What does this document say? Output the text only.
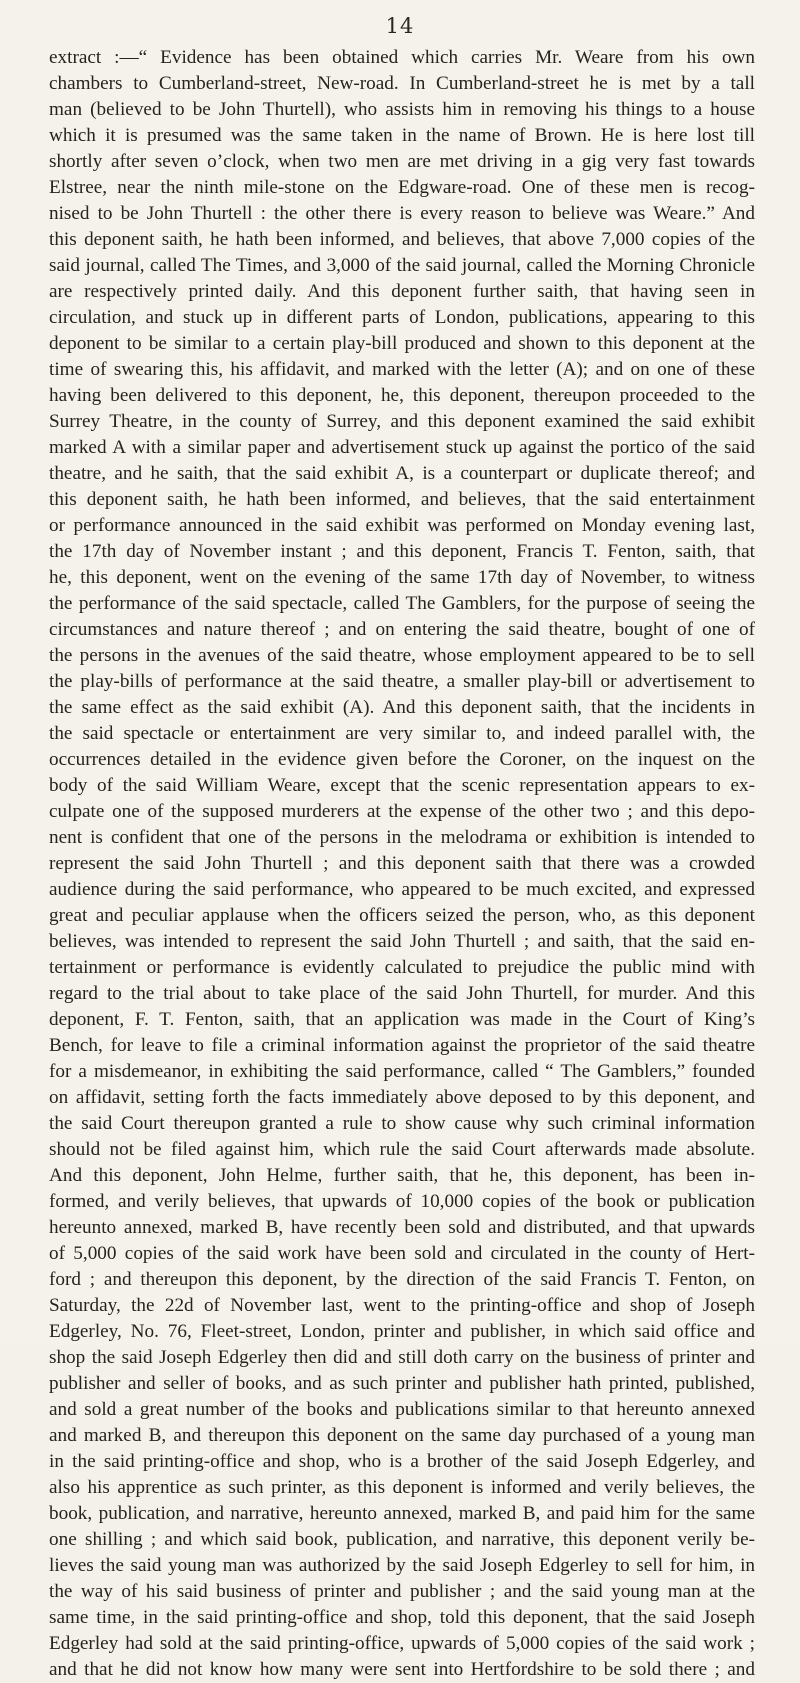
14
extract :—“ Evidence has been obtained which carries Mr. Weare from his own
chambers to Cumberland-street, New-road. In Cumberland-street he is met by a tall
man (believed to be John Thurtell), who assists him in removing his things to a house
which it is presumed was the same taken in the name of Brown. He is here lost till
shortly after seven o’clock, when two men are met driving in a gig very fast towards
Elstree, near the ninth mile-stone on the Edgware-road. One of these men is recog-
nised to be John Thurtell : the other there is every reason to believe was Weare.” And
this deponent saith, he hath been informed, and believes, that above 7,000 copies of the
said journal, called The Times, and 3,000 of the said journal, called the Morning Chronicle
are respectively printed daily. And this deponent further saith, that having seen in
circulation, and stuck up in different parts of London, publications, appearing to this
deponent to be similar to a certain play-bill produced and shown to this deponent at the
time of swearing this, his affidavit, and marked with the letter (A); and on one of these
having been delivered to this deponent, he, this deponent, thereupon proceeded to the
Surrey Theatre, in the county of Surrey, and this deponent examined the said exhibit
marked A with a similar paper and advertisement stuck up against the portico of the said
theatre, and he saith, that the said exhibit A, is a counterpart or duplicate thereof; and
this deponent saith, he hath been informed, and believes, that the said entertainment
or performance announced in the said exhibit was performed on Monday evening last,
the 17th day of November instant ; and this deponent, Francis T. Fenton, saith, that
he, this deponent, went on the evening of the same 17th day of November, to witness
the performance of the said spectacle, called The Gamblers, for the purpose of seeing the
circumstances and nature thereof ; and on entering the said theatre, bought of one of
the persons in the avenues of the said theatre, whose employment appeared to be to sell
the play-bills of performance at the said theatre, a smaller play-bill or advertisement to
the same effect as the said exhibit (A). And this deponent saith, that the incidents in
the said spectacle or entertainment are very similar to, and indeed parallel with, the
occurrences detailed in the evidence given before the Coroner, on the inquest on the
body of the said William Weare, except that the scenic representation appears to ex-
culpate one of the supposed murderers at the expense of the other two ; and this depo-
nent is confident that one of the persons in the melodrama or exhibition is intended to
represent the said John Thurtell ; and this deponent saith that there was a crowded
audience during the said performance, who appeared to be much excited, and expressed
great and peculiar applause when the officers seized the person, who, as this deponent
believes, was intended to represent the said John Thurtell ; and saith, that the said en-
tertainment or performance is evidently calculated to prejudice the public mind with
regard to the trial about to take place of the said John Thurtell, for murder. And this
deponent, F. T. Fenton, saith, that an application was made in the Court of King’s
Bench, for leave to file a criminal information against the proprietor of the said theatre
for a misdemeanor, in exhibiting the said performance, called “ The Gamblers,” founded
on affidavit, setting forth the facts immediately above deposed to by this deponent, and
the said Court thereupon granted a rule to show cause why such criminal information
should not be filed against him, which rule the said Court afterwards made absolute.
And this deponent, John Helme, further saith, that he, this deponent, has been in-
formed, and verily believes, that upwards of 10,000 copies of the book or publication
hereunto annexed, marked B, have recently been sold and distributed, and that upwards
of 5,000 copies of the said work have been sold and circulated in the county of Hert-
ford ; and thereupon this deponent, by the direction of the said Francis T. Fenton, on
Saturday, the 22d of November last, went to the printing-office and shop of Joseph
Edgerley, No. 76, Fleet-street, London, printer and publisher, in which said office and
shop the said Joseph Edgerley then did and still doth carry on the business of printer and
publisher and seller of books, and as such printer and publisher hath printed, published,
and sold a great number of the books and publications similar to that hereunto annexed
and marked B, and thereupon this deponent on the same day purchased of a young man
in the said printing-office and shop, who is a brother of the said Joseph Edgerley, and
also his apprentice as such printer, as this deponent is informed and verily believes, the
book, publication, and narrative, hereunto annexed, marked B, and paid him for the same
one shilling ; and which said book, publication, and narrative, this deponent verily be-
lieves the said young man was authorized by the said Joseph Edgerley to sell for him, in
the way of his said business of printer and publisher ; and the said young man at the
same time, in the said printing-office and shop, told this deponent, that the said Joseph
Edgerley had sold at the said printing-office, upwards of 5,000 copies of the said work ;
and that he did not know how many were sent into Hertfordshire to be sold there ; and
